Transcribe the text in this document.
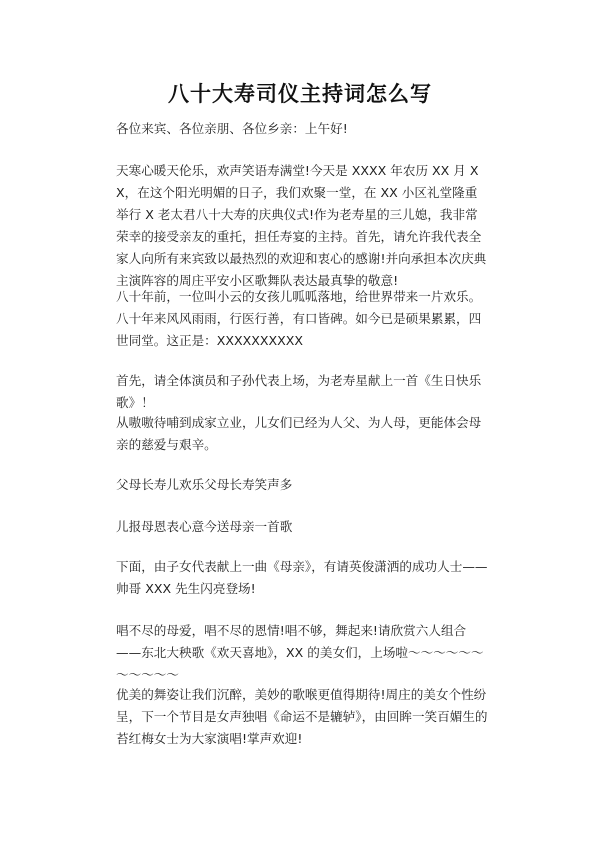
八十大寿司仪主持词怎么写
各位来宾、各位亲朋、各位乡亲：上午好!
天寒心暖天伦乐，欢声笑语寿满堂!今天是 XXXX 年农历 XX 月 XX，在这个阳光明媚的日子，我们欢聚一堂，在 XX 小区礼堂隆重举行 X 老太君八十大寿的庆典仪式!作为老寿星的三儿媳，我非常荣幸的接受亲友的重托，担任寿宴的主持。首先，请允许我代表全家人向所有来宾致以最热烈的欢迎和衷心的感谢!并向承担本次庆典主演阵容的周庄平安小区歌舞队表达最真挚的敬意!
八十年前，一位叫小云的女孩儿呱呱落地，给世界带来一片欢乐。八十年来风风雨雨，行医行善，有口皆碑。如今已是硕果累累，四世同堂。这正是：XXXXXXXXXX
首先，请全体演员和子孙代表上场，为老寿星献上一首《生日快乐歌》！
从嗷嗷待哺到成家立业，儿女们已经为人父、为人母，更能体会母亲的慈爱与艰辛。
父母长寿儿欢乐父母长寿笑声多
儿报母恩表心意今送母亲一首歌
下面，由子女代表献上一曲《母亲》，有请英俊潇洒的成功人士——帅哥 XXX 先生闪亮登场!
唱不尽的母爱，唱不尽的恩情!唱不够，舞起来!请欣赏六人组合——东北大秧歌《欢天喜地》，XX 的美女们，上场啦～～～～～～～～～～～
优美的舞姿让我们沉醉，美妙的歌喉更值得期待!周庄的美女个性纷呈，下一个节目是女声独唱《命运不是辘轳》，由回眸一笑百媚生的苔红梅女士为大家演唱!掌声欢迎!
